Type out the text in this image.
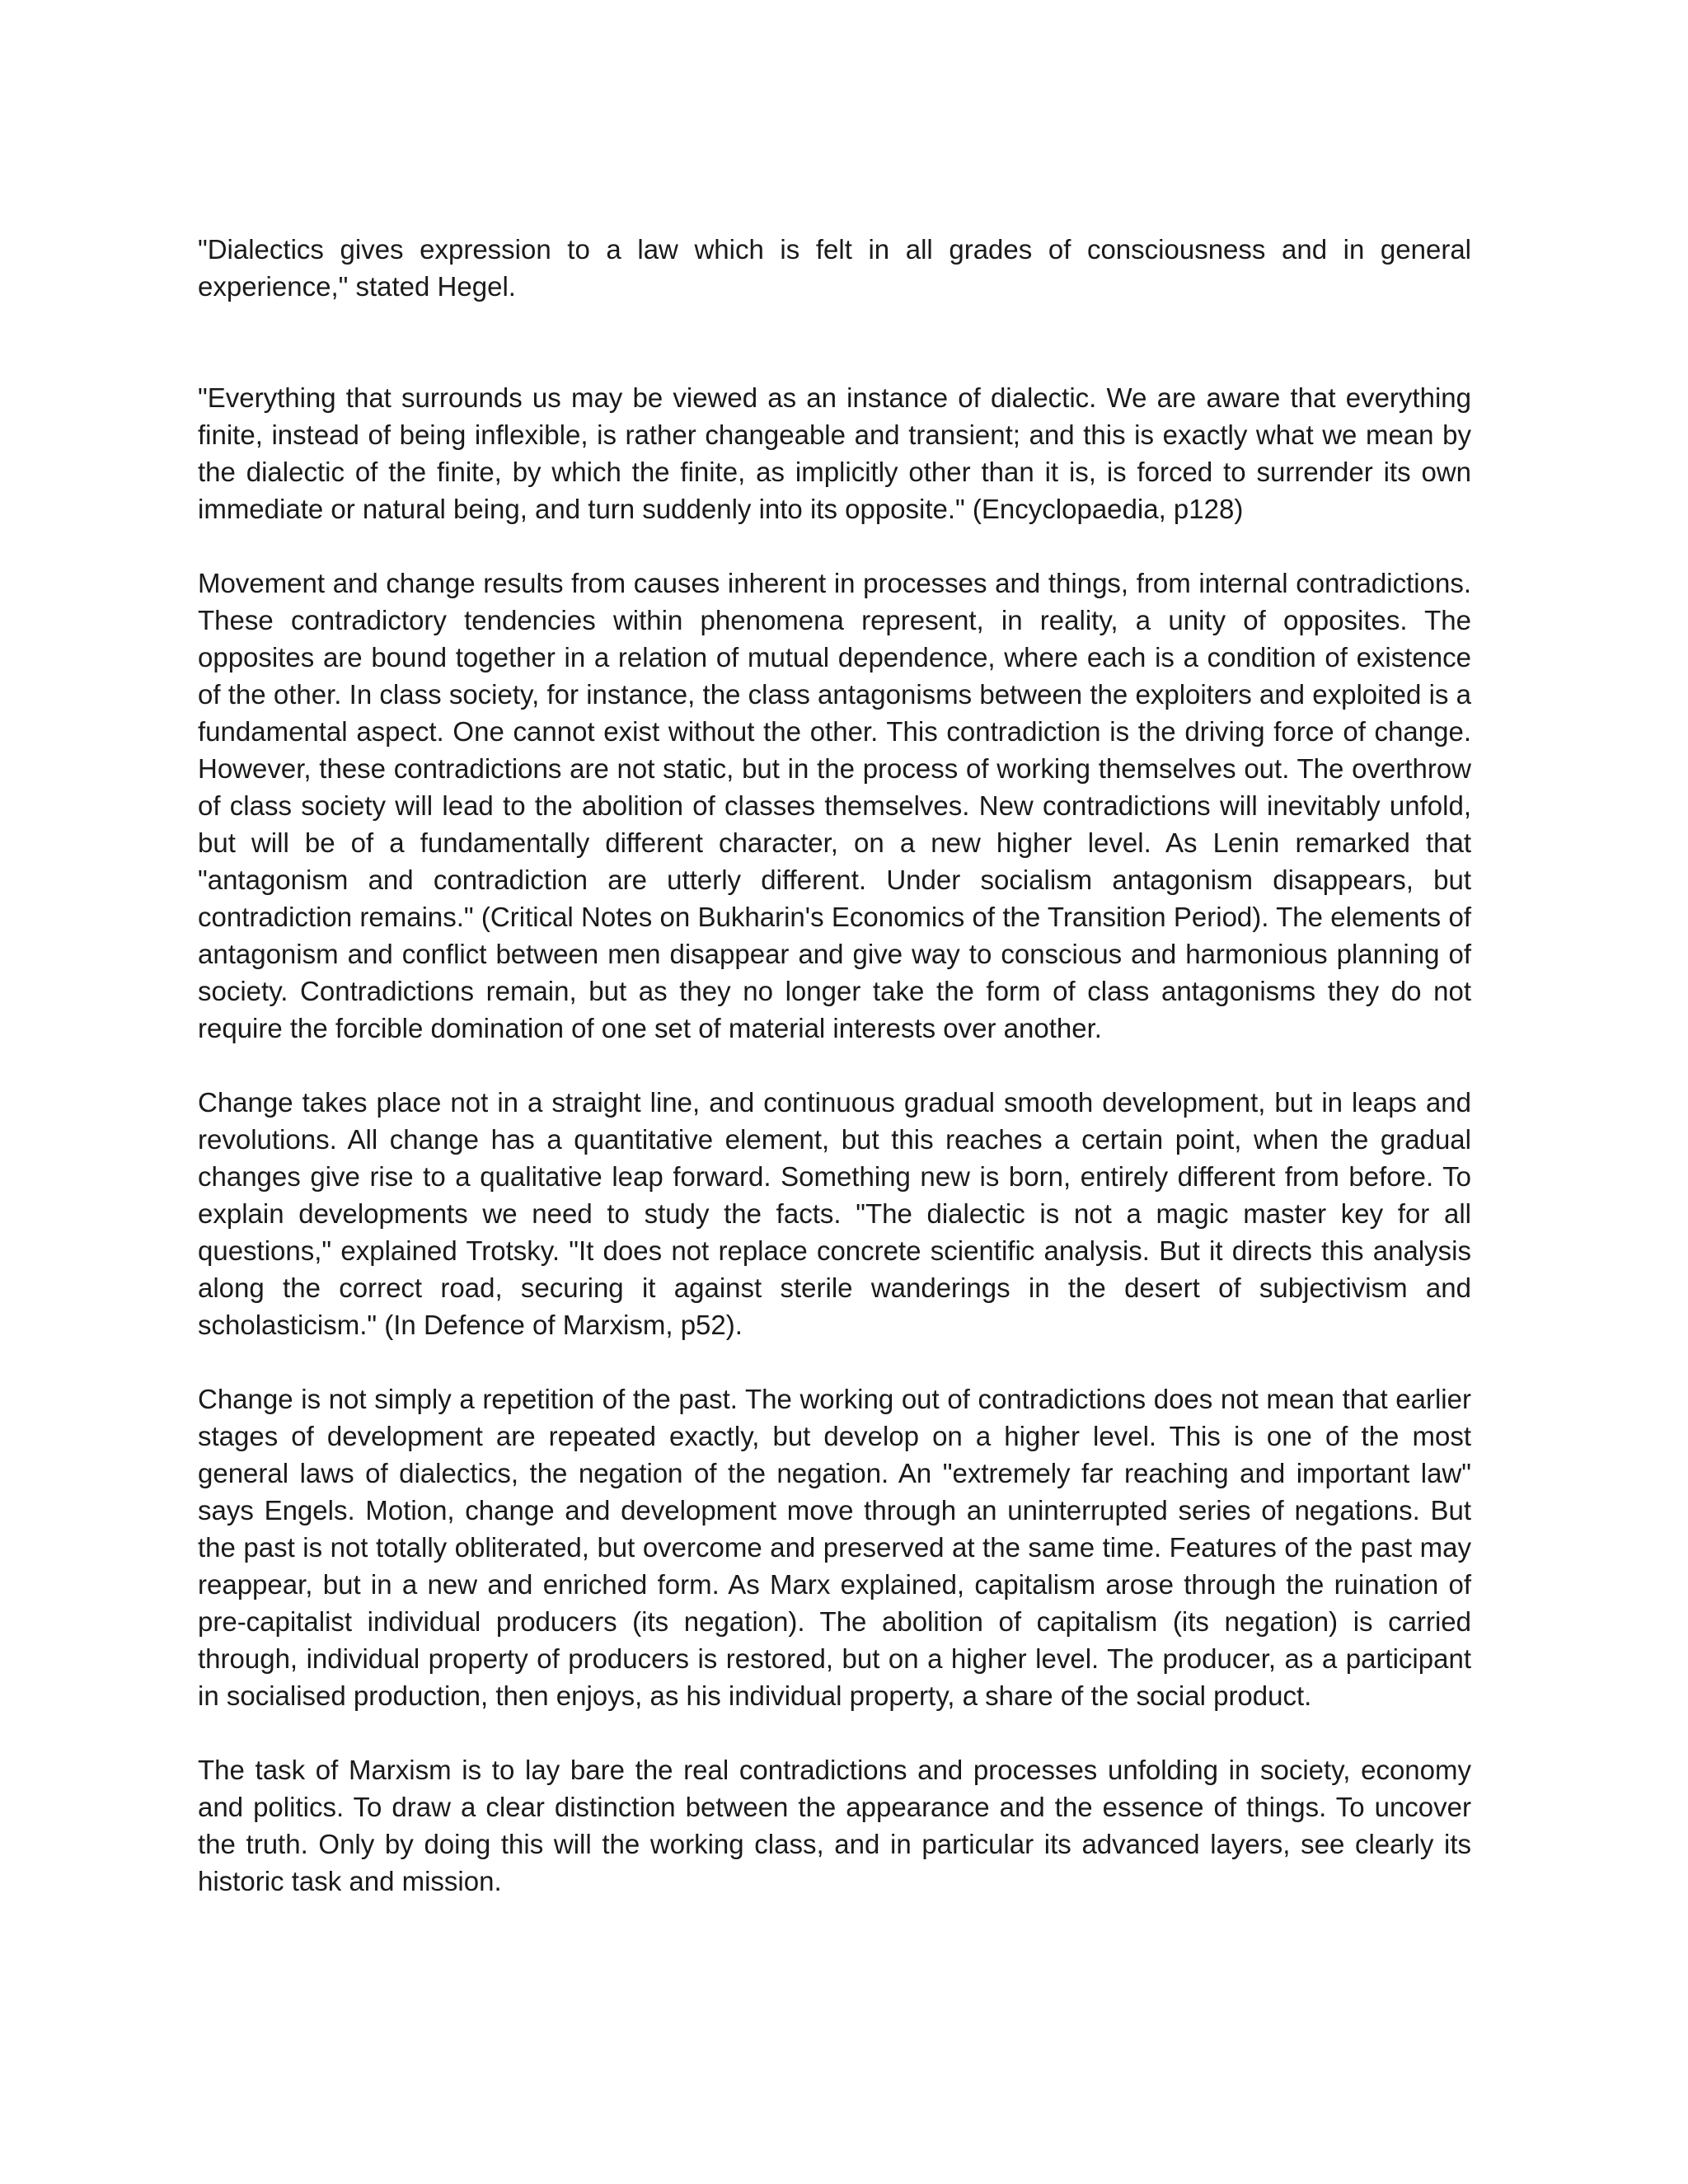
"Dialectics gives expression to a law which is felt in all grades of consciousness and in general experience," stated Hegel.

"Everything that surrounds us may be viewed as an instance of dialectic. We are aware that everything finite, instead of being inflexible, is rather changeable and transient; and this is exactly what we mean by the dialectic of the finite, by which the finite, as implicitly other than it is, is forced to surrender its own immediate or natural being, and turn suddenly into its opposite." (Encyclopaedia, p128)

Movement and change results from causes inherent in processes and things, from internal contradictions. These contradictory tendencies within phenomena represent, in reality, a unity of opposites. The opposites are bound together in a relation of mutual dependence, where each is a condition of existence of the other. In class society, for instance, the class antagonisms between the exploiters and exploited is a fundamental aspect. One cannot exist without the other. This contradiction is the driving force of change. However, these contradictions are not static, but in the process of working themselves out. The overthrow of class society will lead to the abolition of classes themselves. New contradictions will inevitably unfold, but will be of a fundamentally different character, on a new higher level. As Lenin remarked that "antagonism and contradiction are utterly different. Under socialism antagonism disappears, but contradiction remains." (Critical Notes on Bukharin's Economics of the Transition Period). The elements of antagonism and conflict between men disappear and give way to conscious and harmonious planning of society. Contradictions remain, but as they no longer take the form of class antagonisms they do not require the forcible domination of one set of material interests over another.

Change takes place not in a straight line, and continuous gradual smooth development, but in leaps and revolutions. All change has a quantitative element, but this reaches a certain point, when the gradual changes give rise to a qualitative leap forward. Something new is born, entirely different from before. To explain developments we need to study the facts. "The dialectic is not a magic master key for all questions," explained Trotsky. "It does not replace concrete scientific analysis. But it directs this analysis along the correct road, securing it against sterile wanderings in the desert of subjectivism and scholasticism." (In Defence of Marxism, p52).

Change is not simply a repetition of the past. The working out of contradictions does not mean that earlier stages of development are repeated exactly, but develop on a higher level. This is one of the most general laws of dialectics, the negation of the negation. An "extremely far reaching and important law" says Engels. Motion, change and development move through an uninterrupted series of negations. But the past is not totally obliterated, but overcome and preserved at the same time. Features of the past may reappear, but in a new and enriched form. As Marx explained, capitalism arose through the ruination of pre-capitalist individual producers (its negation). The abolition of capitalism (its negation) is carried through, individual property of producers is restored, but on a higher level. The producer, as a participant in socialised production, then enjoys, as his individual property, a share of the social product.

The task of Marxism is to lay bare the real contradictions and processes unfolding in society, economy and politics. To draw a clear distinction between the appearance and the essence of things. To uncover the truth. Only by doing this will the working class, and in particular its advanced layers, see clearly its historic task and mission.
